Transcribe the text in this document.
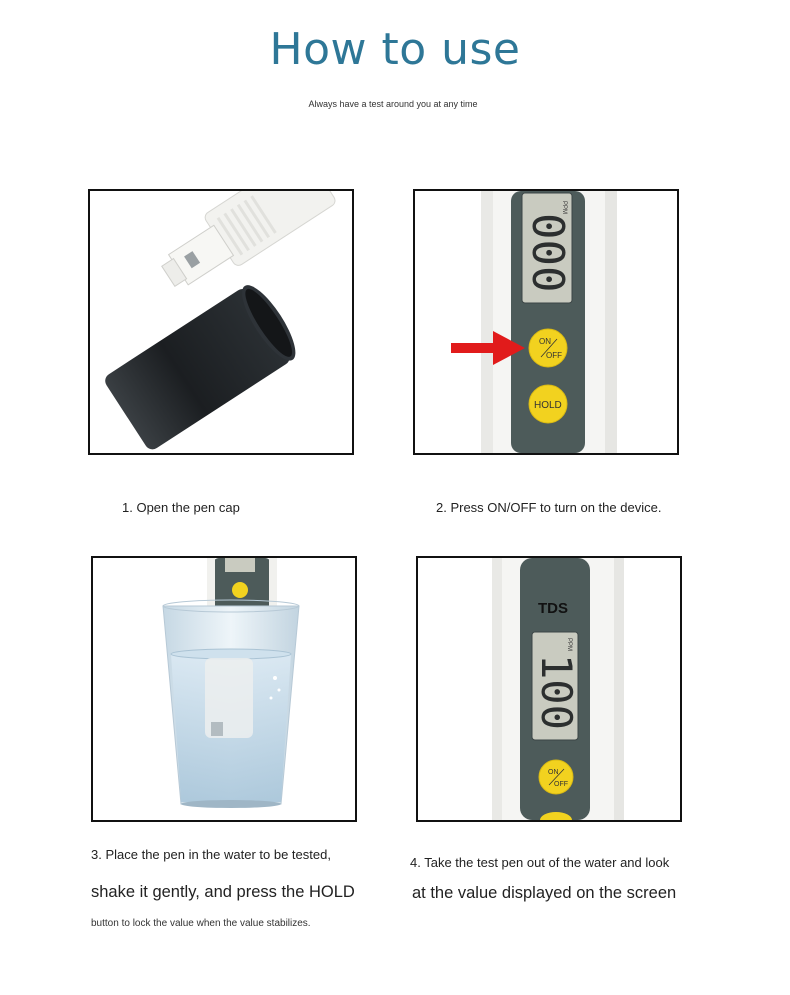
How to use
Always have a test around you at any time
000
PPM
ON
OFF
HOLD
1. Open the pen cap	2. Press ON/OFF to turn on the device.
TDS
100
PPM
ON
OFF
3. Place the pen in the water to be tested,
shake it gently, and press the HOLD
button to lock the value when the value stabilizes.
4. Take the test pen out of the water and look
at the value displayed on the screen
